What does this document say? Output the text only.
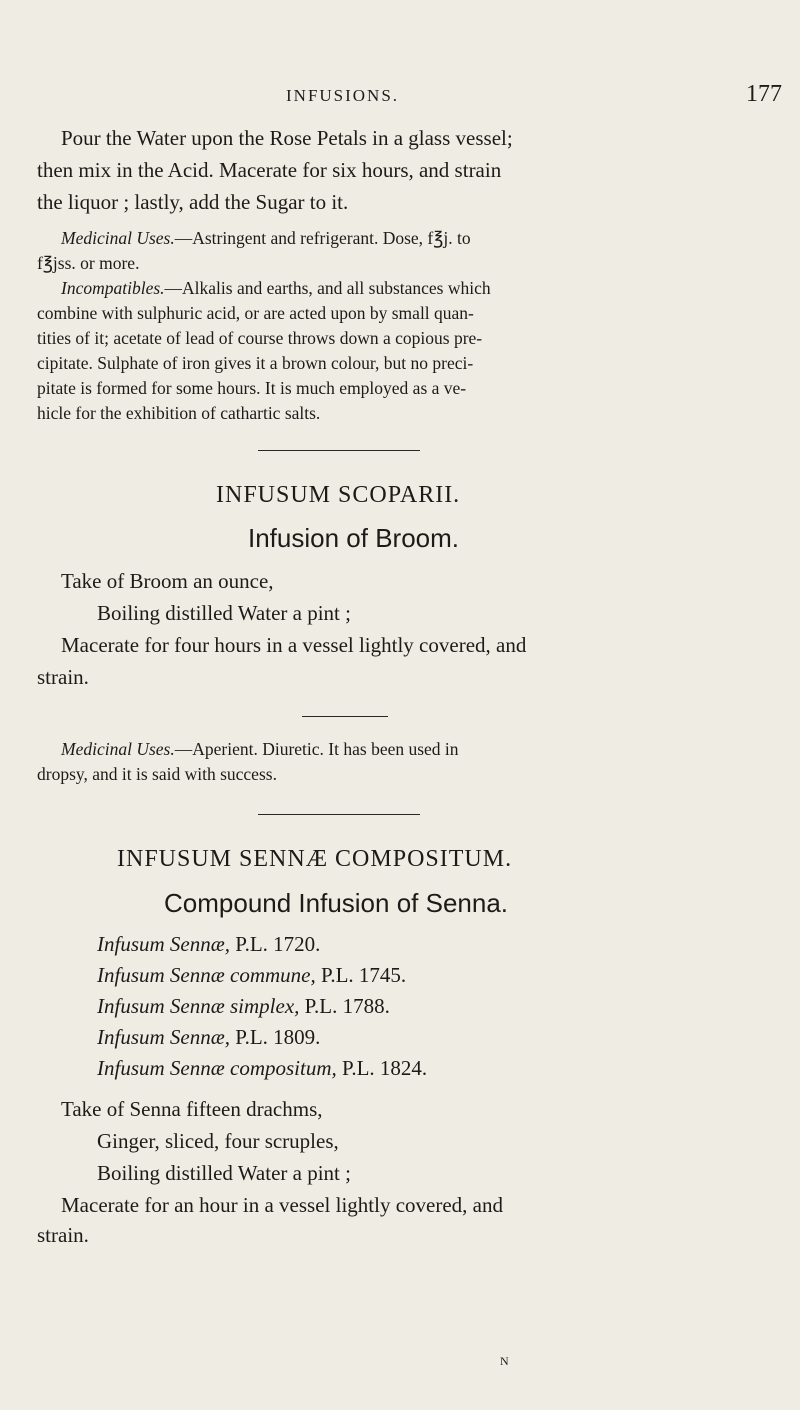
INFUSIONS.	177
Pour the Water upon the Rose Petals in a glass vessel;
then mix in the Acid. Macerate for six hours, and strain
the liquor ; lastly, add the Sugar to it.
Medicinal Uses.—Astringent and refrigerant. Dose, f℥j. to
f℥jss. or more.
Incompatibles.—Alkalis and earths, and all substances which
combine with sulphuric acid, or are acted upon by small quan-
tities of it; acetate of lead of course throws down a copious pre-
cipitate. Sulphate of iron gives it a brown colour, but no preci-
pitate is formed for some hours. It is much employed as a ve-
hicle for the exhibition of cathartic salts.
INFUSUM SCOPARII.
Infusion of Broom.
Take of Broom an ounce,
Boiling distilled Water a pint ;
Macerate for four hours in a vessel lightly covered, and
strain.
Medicinal Uses.—Aperient. Diuretic. It has been used in
dropsy, and it is said with success.
INFUSUM SENNÆ COMPOSITUM.
Compound Infusion of Senna.
Infusum Sennæ, P.L. 1720.
Infusum Sennæ commune, P.L. 1745.
Infusum Sennæ simplex, P.L. 1788.
Infusum Sennæ, P.L. 1809.
Infusum Sennæ compositum, P.L. 1824.
Take of Senna fifteen drachms,
Ginger, sliced, four scruples,
Boiling distilled Water a pint ;
Macerate for an hour in a vessel lightly covered, and
strain.
N
